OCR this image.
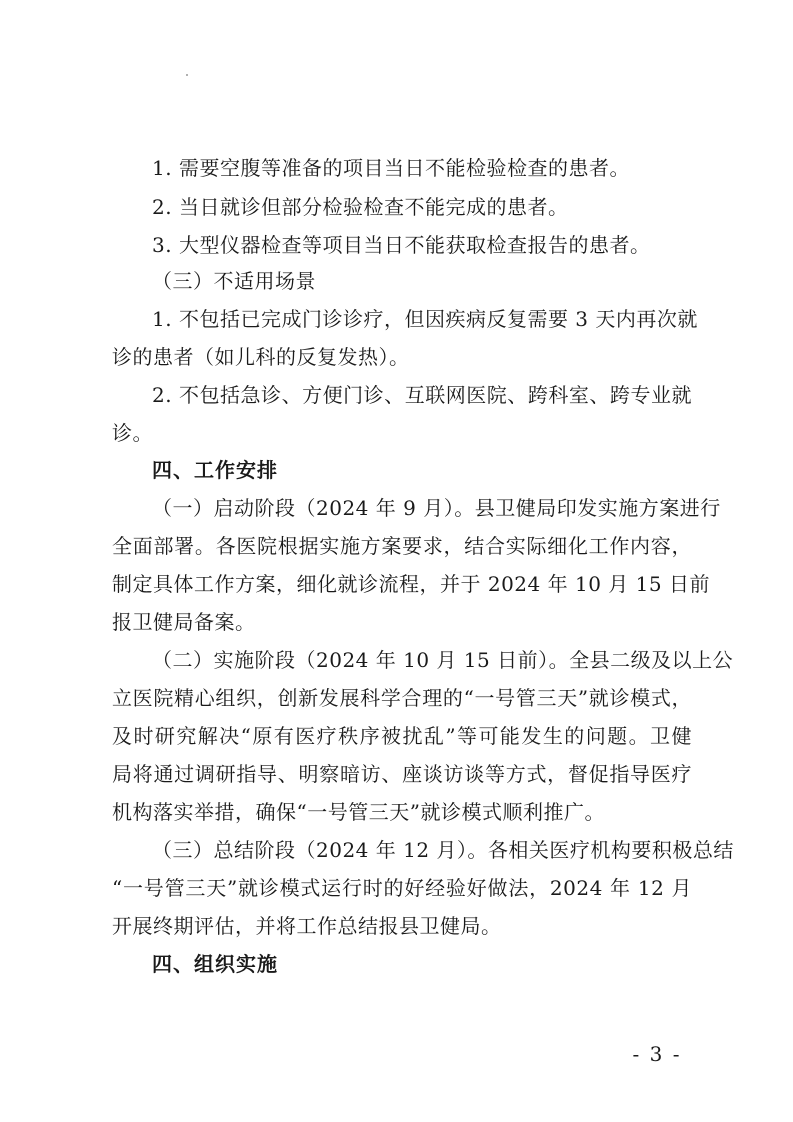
1. 需要空腹等准备的项目当日不能检验检查的患者。
2. 当日就诊但部分检验检查不能完成的患者。
3. 大型仪器检查等项目当日不能获取检查报告的患者。
（三）不适用场景
1. 不包括已完成门诊诊疗，但因疾病反复需要 3 天内再次就
诊的患者（如儿科的反复发热）。
2. 不包括急诊、方便门诊、互联网医院、跨科室、跨专业就
诊。
四、工作安排
（一）启动阶段（2024 年 9 月）。县卫健局印发实施方案进行
全面部署。各医院根据实施方案要求，结合实际细化工作内容，
制定具体工作方案，细化就诊流程，并于 2024 年 10 月 15 日前
报卫健局备案。
（二）实施阶段（2024 年 10 月 15 日前）。全县二级及以上公
立医院精心组织，创新发展科学合理的“一号管三天”就诊模式，
及时研究解决“原有医疗秩序被扰乱”等可能发生的问题。卫健
局将通过调研指导、明察暗访、座谈访谈等方式，督促指导医疗
机构落实举措，确保“一号管三天”就诊模式顺利推广。
（三）总结阶段（2024 年 12 月）。各相关医疗机构要积极总结
“一号管三天”就诊模式运行时的好经验好做法，2024 年 12 月
开展终期评估，并将工作总结报县卫健局。
四、组织实施
- 3 -
